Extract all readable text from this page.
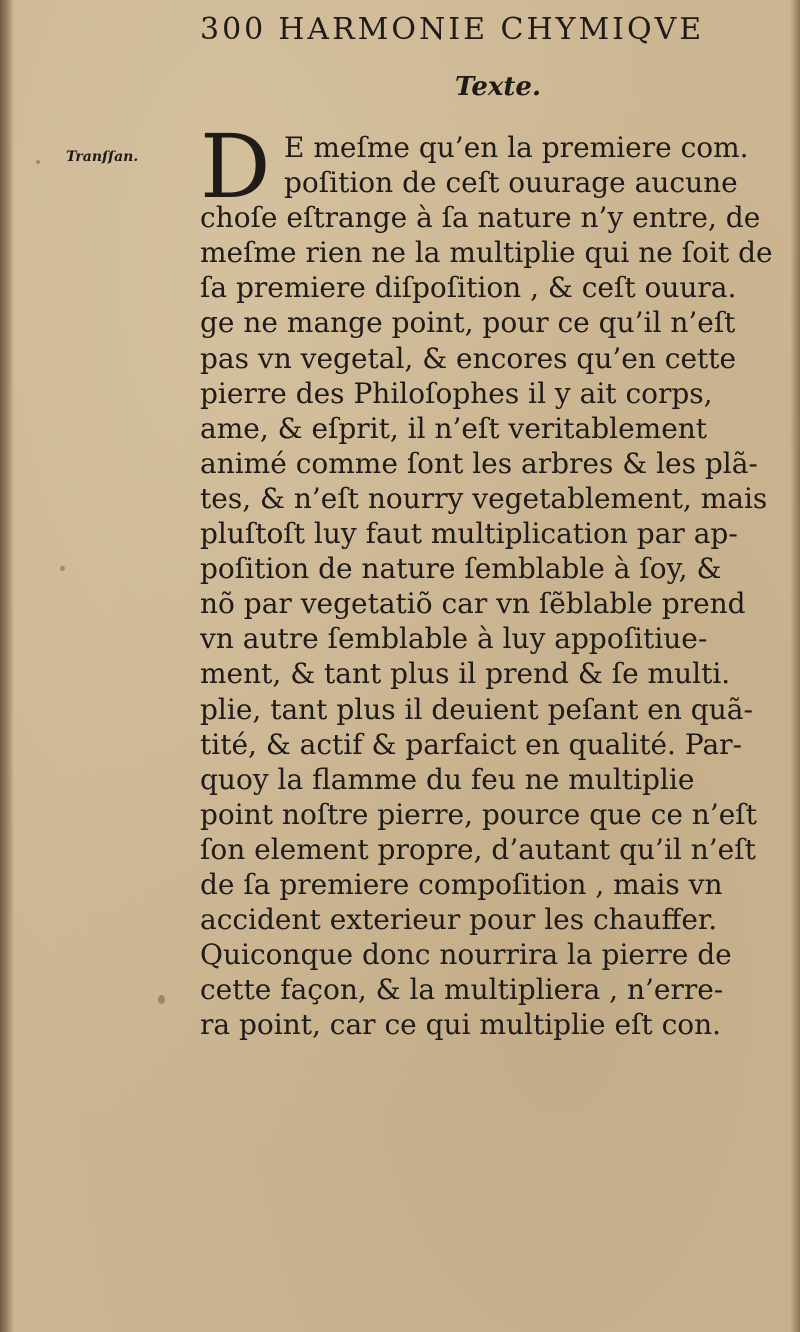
300 HARMONIE CHYMIQVE
Texte.
Tranſſan. D E meſme qu’en la premiere com.
poſition de ceſt ouurage aucune
choſe eſtrange à ſa nature n’y entre, de
meſme rien ne la multiplie qui ne ſoit de
ſa premiere diſpoſition , & ceſt ouura.
ge ne mange point, pour ce qu’il n’eſt
pas vn vegetal, & encores qu’en cette
pierre des Philoſophes il y ait corps,
ame, & eſprit, il n’eſt veritablement
animé comme ſont les arbres & les plã-
tes, & n’eſt nourry vegetablement, mais
pluſtoſt luy faut multiplication par ap-
poſition de nature ſemblable à ſoy, &
nõ par vegetatiõ car vn ſẽblable prend
vn autre ſemblable à luy appoſitiue-
ment, & tant plus il prend & ſe multi.
plie, tant plus il deuient peſant en quã-
tité, & actif & parfaict en qualité. Par-
quoy la flamme du feu ne multiplie
point noſtre pierre, pource que ce n’eſt
ſon element propre, d’autant qu’il n’eſt
de ſa premiere compoſition , mais vn
accident exterieur pour les chauffer.
Quiconque donc nourrira la pierre de
cette façon, & la multipliera , n’erre-
ra point, car ce qui multiplie eſt con.
